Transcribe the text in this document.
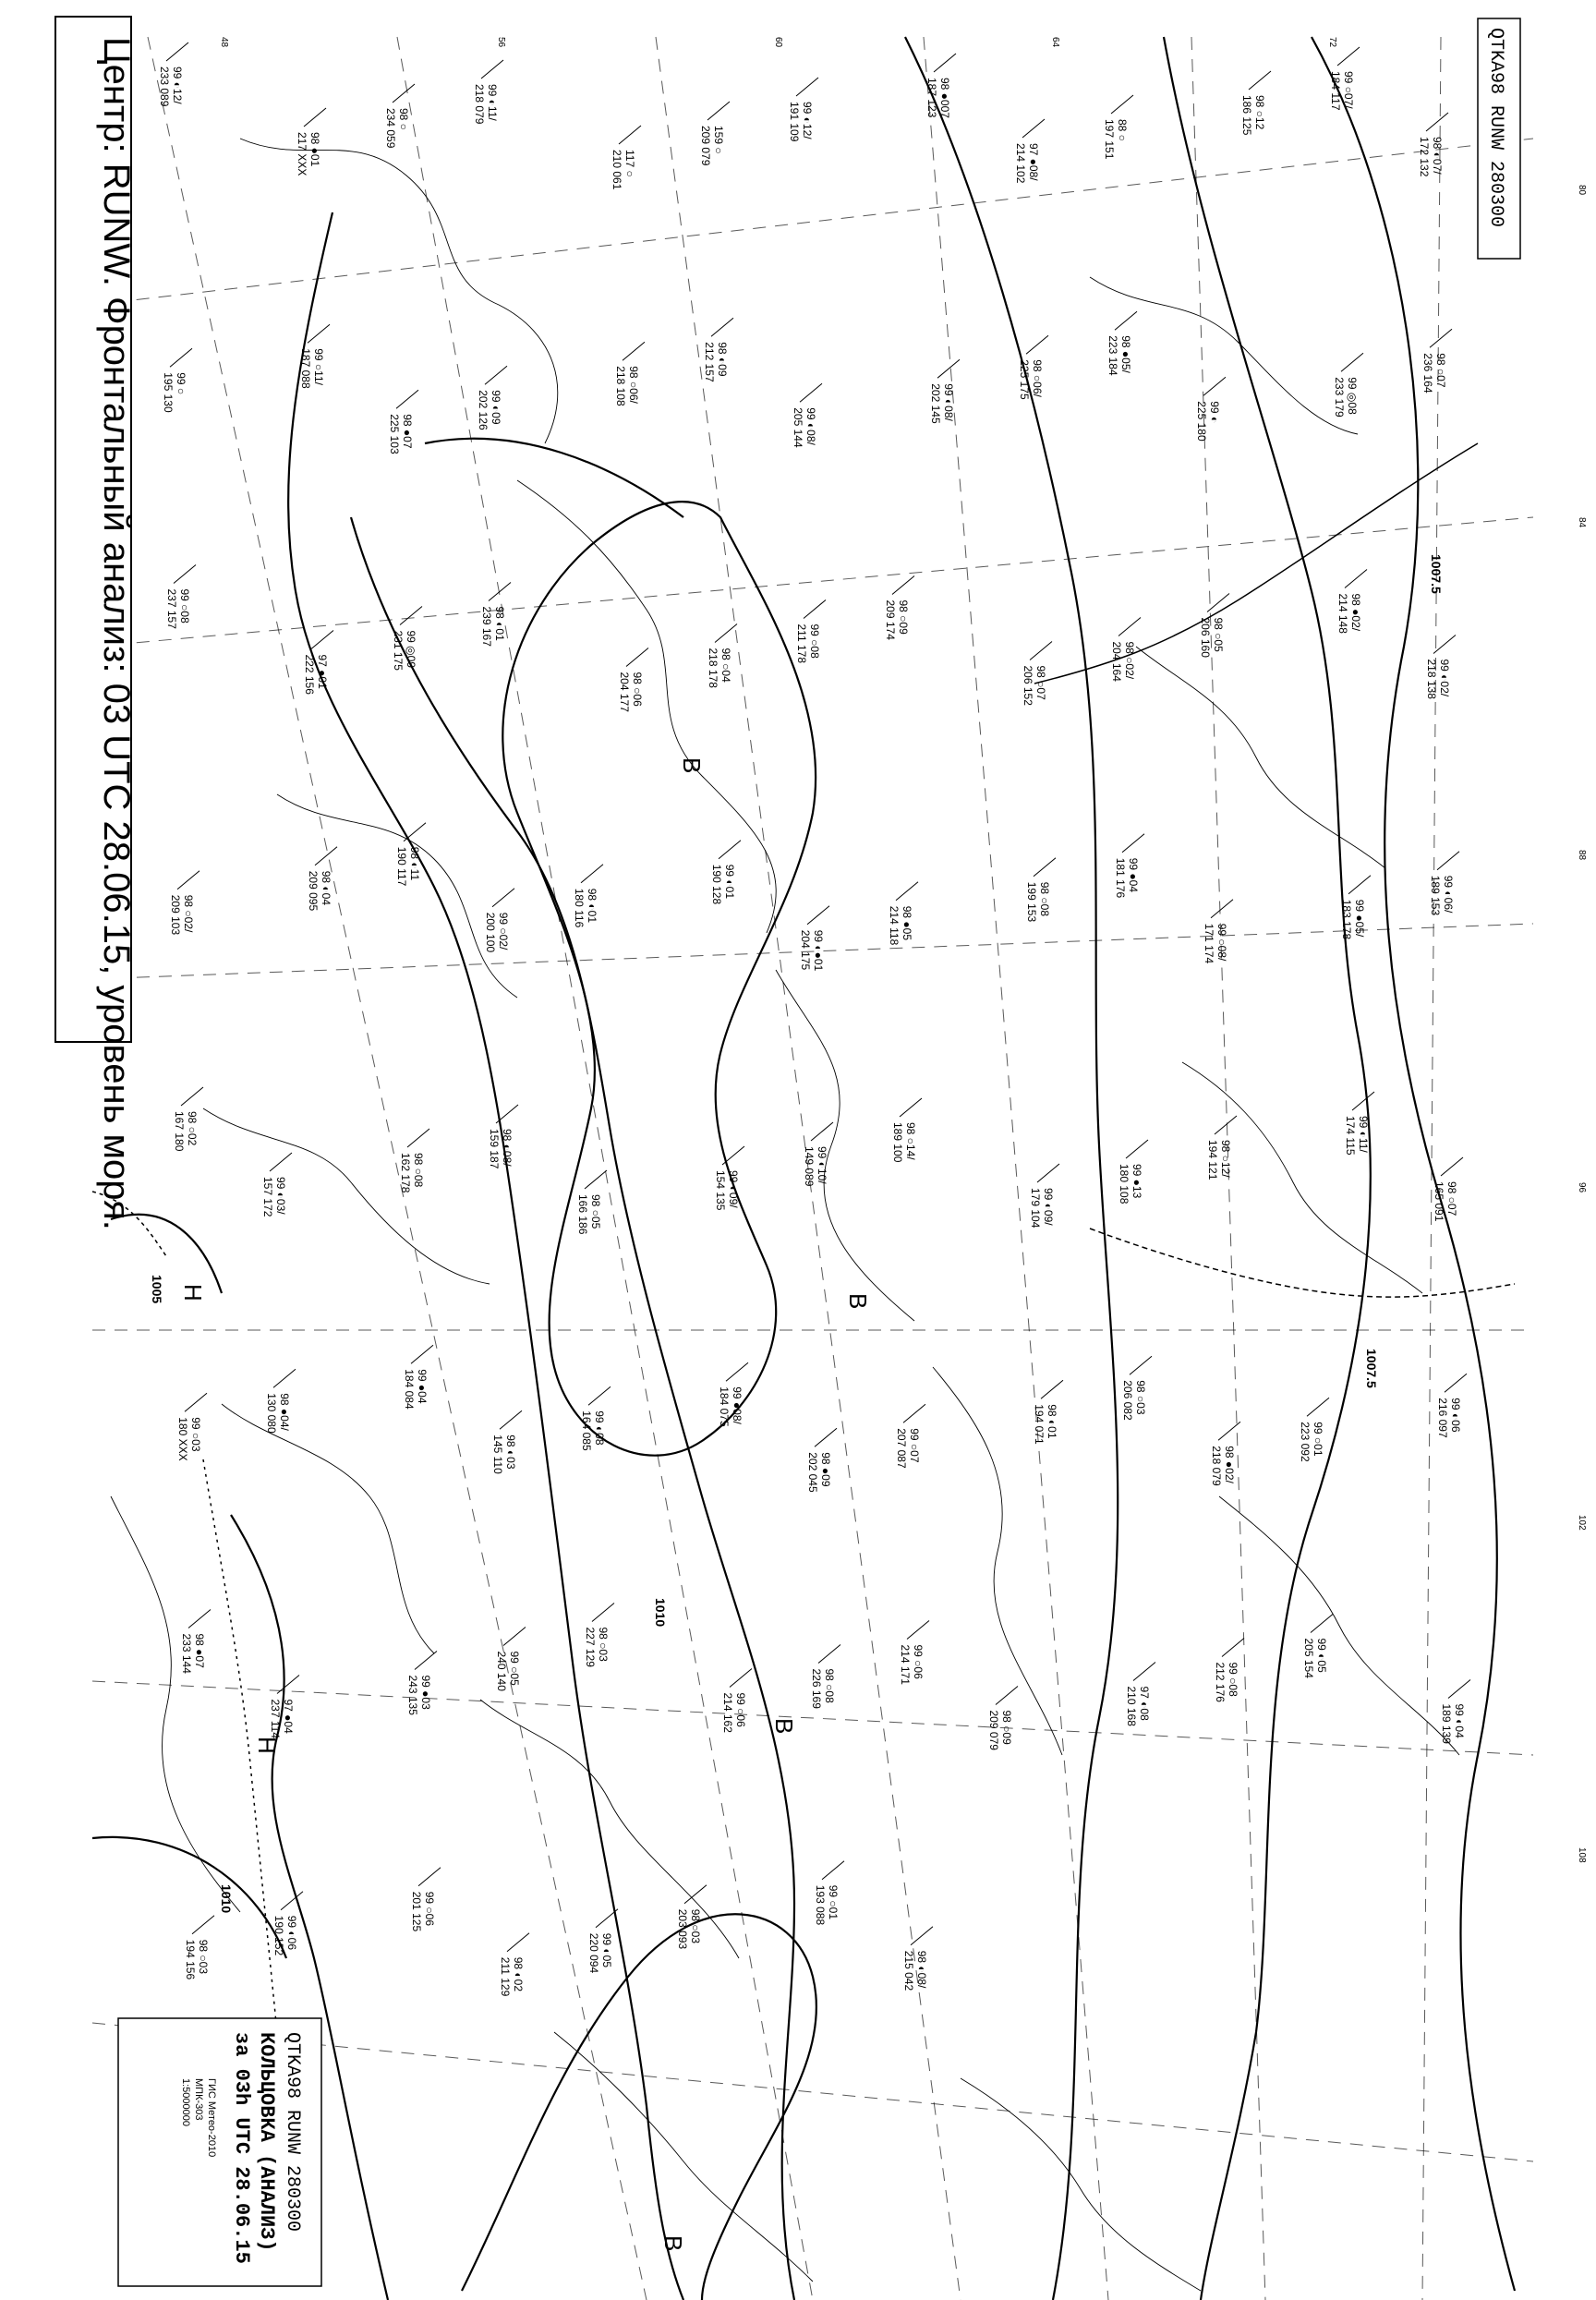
Центр: RUNW. Фронтальный анализ: 03 UTC 28.06.15, уровень моря.	QTKA98 RUNW 280300
QTKA98 RUNW 280300
КОЛЬЦОВКА (АНАЛИЗ)
за 03h UTC 28.06.15
ГИС Метео-2010
МПК-303
1:5000000
1007.5
1007.5
1010
1010
1005
B
B
B
B
H
H
48	56	60	64	72
80
84
88
96
102
108
233 089 99 ◐12/
217 XXX 98 ●01
234 059 98 ○	218 079 99 ◐11/
210 061 117 ○	209 079 159 ○	191 109 99 ◐12/
187 123 98 ●007
214 102 97 ●08/
197 151 88 ○	186 125 98 ○12
184 117 99 ○07/
172 132 98 ◐07/
195 130 99 ○	187 088 99 ○11/
225 103 98 ●07
202 126 99 ◐09
218 108 98 ○06/
212 157 98 ◐09
205 144 99 ◐08/
202 145 99 ◐08/
225 175 98 ○06/
223 184 98 ●05/
225 180 99 ◐	233 179 99 ◎08
236 164 98 ○07
237 157 99 ○08
222 156 97 ●01
231 175 99 ◎09
239 167 98 ◐01
204 177 98 ○06
218 178 98 ○04
211 178 99 ○08
209 174 98 ○09
206 152 98 ○07
204 164 98 ○02/
206 160 98 ○05
214 148 98 ●02/
218 138 99 ◐02/
209 103 98 ○02/
209 095 98 ◐04
190 117 98 ◐11
200 100 99 ○02/
180 116 98 ◐01
190 128 99 ◐01
204 175 99 ◐●01
214 118 98 ●05
199 153 98 ○08
181 176 99 ●04
171 174 99 ○08/
183 178 99 ●05/
189 153 99 ◐06/
167 180 98 ○02
157 172 99 ◐03/
162 178 98 ○08
159 187 98 ◐08/
166 186 98 ○05
154 135 99 ◐09/
149 089 99 ◐10/
189 100 98 ○14/
179 104 99 ◐09/
180 108 99 ●13
194 121 98 ○12/
174 115 99 ◐11/
165 091 98 ○07
180 XXX 99 ○03
130 080 98 ●04/
184 084 99 ●04
145 110 98 ◐03
164 085 99 ◐08
184 075 99 ●08/
202 045 98 ●09
207 087 99 ○07
194 071 98 ◐01
206 082 98 ○03
218 079 98 ●02/
223 092 99 ○01
216 097 99 ◐06
233 144 98 ●07
237 114 97 ●04
243 135 99 ●03
240 140 99 ○05
227 129 98 ○03
214 162 99 ○06
226 169 98 ○08
214 171 99 ○06
209 079 98 ○09
210 168 97 ◐08
212 176 99 ○08
205 154 99 ◐05
189 139 99 ◐04
194 156 98 ○03
190 152 99 ◐06
201 125 99 ○06
211 129 98 ◐02
220 094 99 ◐05
203 093 98 ○03
193 088 99 ○01
215 042 98 ◐08/
